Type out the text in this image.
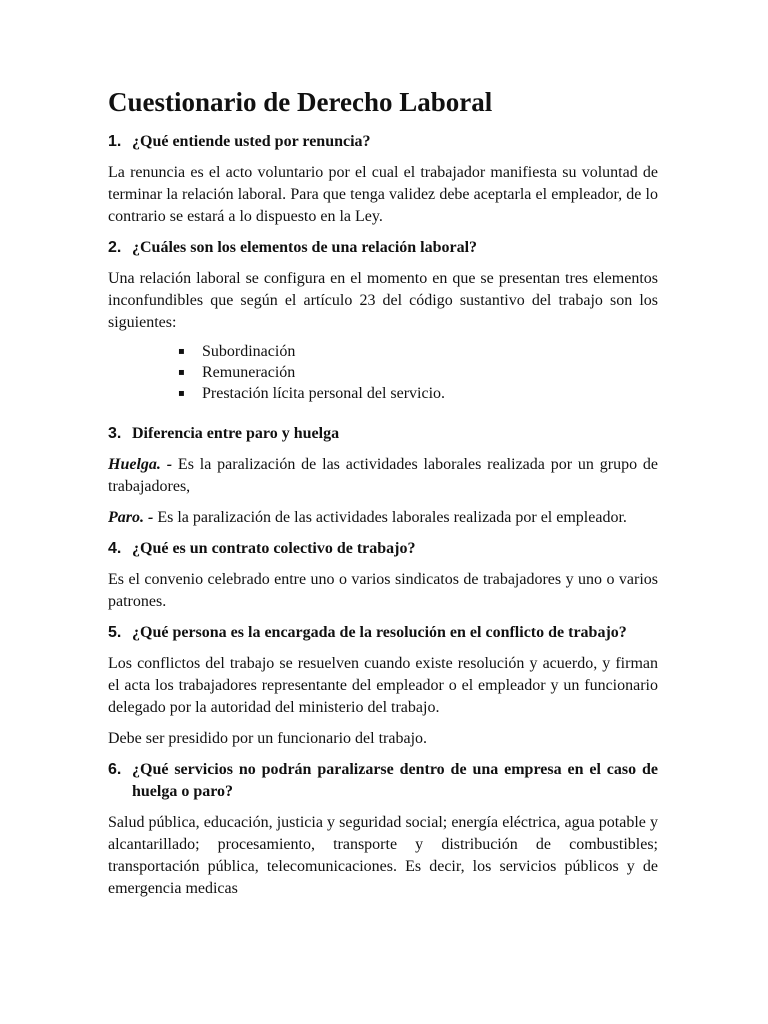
Cuestionario de Derecho Laboral
1. ¿Qué entiende usted por renuncia?

La renuncia es el acto voluntario por el cual el trabajador manifiesta su voluntad de terminar la relación laboral. Para que tenga validez debe aceptarla el empleador, de lo contrario se estará a lo dispuesto en la Ley.

2. ¿Cuáles son los elementos de una relación laboral?

Una relación laboral se configura en el momento en que se presentan tres elementos inconfundibles que según el artículo 23 del código sustantivo del trabajo son los siguientes:

▪	Subordinación
▪	Remuneración
▪	Prestación lícita personal del servicio.
3. Diferencia entre paro y huelga

Huelga. - Es la paralización de las actividades laborales realizada por un grupo de trabajadores,

Paro. - Es la paralización de las actividades laborales realizada por el empleador.

4. ¿Qué es un contrato colectivo de trabajo?

Es el convenio celebrado entre uno o varios sindicatos de trabajadores y uno o varios patrones.

5. ¿Qué persona es la encargada de la resolución en el conflicto de trabajo?

Los conflictos del trabajo se resuelven cuando existe resolución y acuerdo, y firman el acta los trabajadores representante del empleador o el empleador y un funcionario delegado por la autoridad del ministerio del trabajo.

Debe ser presidido por un funcionario del trabajo.

6. ¿Qué servicios no podrán paralizarse dentro de una empresa en el caso de huelga o paro?

Salud pública, educación, justicia y seguridad social; energía eléctrica, agua potable y alcantarillado; procesamiento, transporte y distribución de combustibles; transportación pública, telecomunicaciones. Es decir, los servicios públicos y de emergencia medicas
